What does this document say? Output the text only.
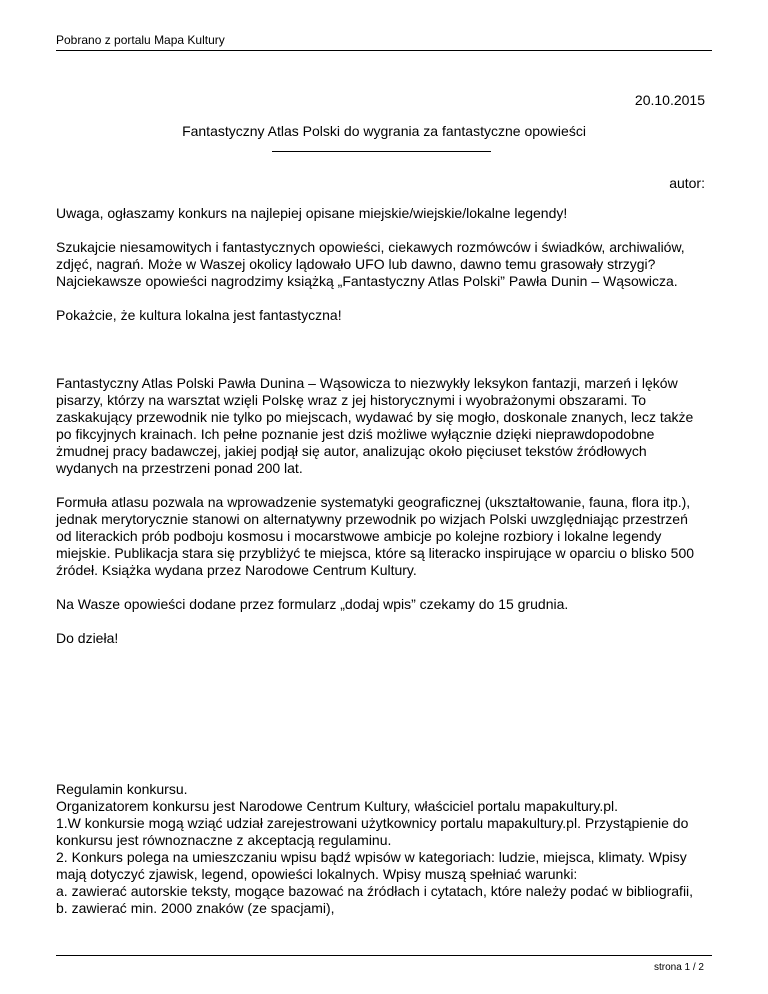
Pobrano z portalu Mapa Kultury
20.10.2015
Fantastyczny Atlas Polski do wygrania za fantastyczne opowieści
autor:

Uwaga, ogłaszamy konkurs na najlepiej opisane miejskie/wiejskie/lokalne legendy!

Szukajcie niesamowitych i fantastycznych opowieści, ciekawych rozmówców i świadków, archiwaliów,
zdjęć, nagrań. Może w Waszej okolicy lądowało UFO lub dawno, dawno temu grasowały strzygi?
Najciekawsze opowieści nagrodzimy książką „Fantastyczny Atlas Polski” Pawła Dunin – Wąsowicza.

Pokażcie, że kultura lokalna jest fantastyczna!

Fantastyczny Atlas Polski Pawła Dunina – Wąsowicza to niezwykły leksykon fantazji, marzeń i lęków
pisarzy, którzy na warsztat wzięli Polskę wraz z jej historycznymi i wyobrażonymi obszarami. To
zaskakujący przewodnik nie tylko po miejscach, wydawać by się mogło, doskonale znanych, lecz także
po fikcyjnych krainach. Ich pełne poznanie jest dziś możliwe wyłącznie dzięki nieprawdopodobne
żmudnej pracy badawczej, jakiej podjął się autor, analizując około pięciuset tekstów źródłowych
wydanych na przestrzeni ponad 200 lat.

Formuła atlasu pozwala na wprowadzenie systematyki geograficznej (ukształtowanie, fauna, flora itp.),
jednak merytorycznie stanowi on alternatywny przewodnik po wizjach Polski uwzględniając przestrzeń
od literackich prób podboju kosmosu i mocarstwowe ambicje po kolejne rozbiory i lokalne legendy
miejskie. Publikacja stara się przybliżyć te miejsca, które są literacko inspirujące w oparciu o blisko 500
źródeł. Książka wydana przez Narodowe Centrum Kultury.

Na Wasze opowieści dodane przez formularz „dodaj wpis” czekamy do 15 grudnia.

Do dzieła!

Regulamin konkursu.
Organizatorem konkursu jest Narodowe Centrum Kultury, właściciel portalu mapakultury.pl.
1.W konkursie mogą wziąć udział zarejestrowani użytkownicy portalu mapakultury.pl. Przystąpienie do
konkursu jest równoznaczne z akceptacją regulaminu.
2. Konkurs polega na umieszczaniu wpisu bądź wpisów w kategoriach: ludzie, miejsca, klimaty. Wpisy
mają dotyczyć zjawisk, legend, opowieści lokalnych. Wpisy muszą spełniać warunki:
a. zawierać autorskie teksty, mogące bazować na źródłach i cytatach, które należy podać w bibliografii,
b. zawierać min. 2000 znaków (ze spacjami),

strona 1 / 2
